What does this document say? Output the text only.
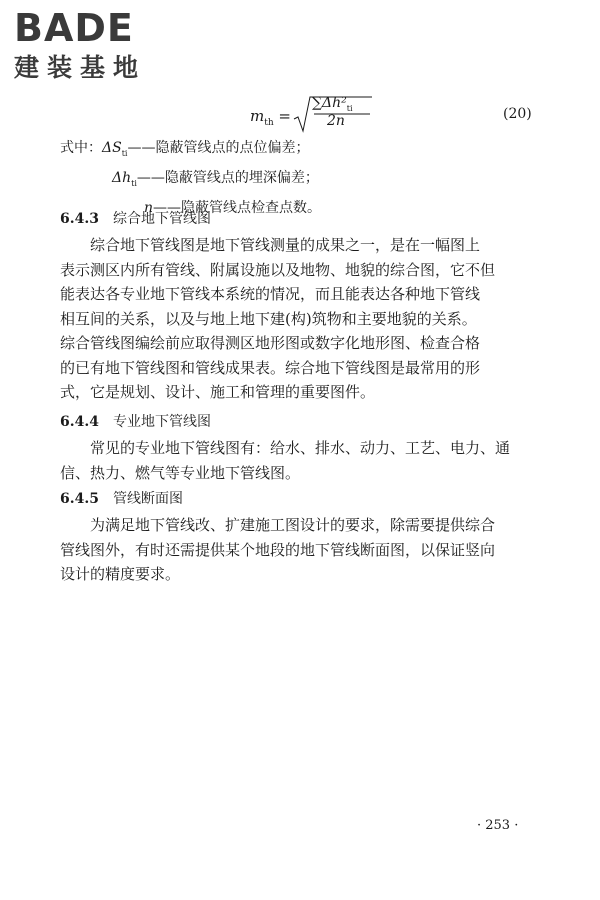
BADE
建装基地
$m_{th}$ =
$\sum\Delta h^2_{ti}$
2n	(20)
式中：$\Delta S_{ti}——$隐蔽管线点的点位偏差；
$\Delta h_{ti}——$隐蔽管线点的埋深偏差；
n——隐蔽管线点检查点数。
6.4.3 综合地下管线图
综合地下管线图是地下管线测量的成果之一，是在一幅图上
表示测区内所有管线、附属设施以及地物、地貌的综合图，它不但
能表达各专业地下管线本系统的情况，而且能表达各种地下管线
相互间的关系，以及与地上地下建(构)筑物和主要地貌的关系。
综合管线图编绘前应取得测区地形图或数字化地形图、检查合格
的已有地下管线图和管线成果表。综合地下管线图是最常用的形
式，它是规划、设计、施工和管理的重要图件。
6.4.4 专业地下管线图
常见的专业地下管线图有：给水、排水、动力、工艺、电力、通
信、热力、燃气等专业地下管线图。
6.4.5 管线断面图
为满足地下管线改、扩建施工图设计的要求，除需要提供综合
管线图外，有时还需提供某个地段的地下管线断面图，以保证竖向
设计的精度要求。
· 253 ·
